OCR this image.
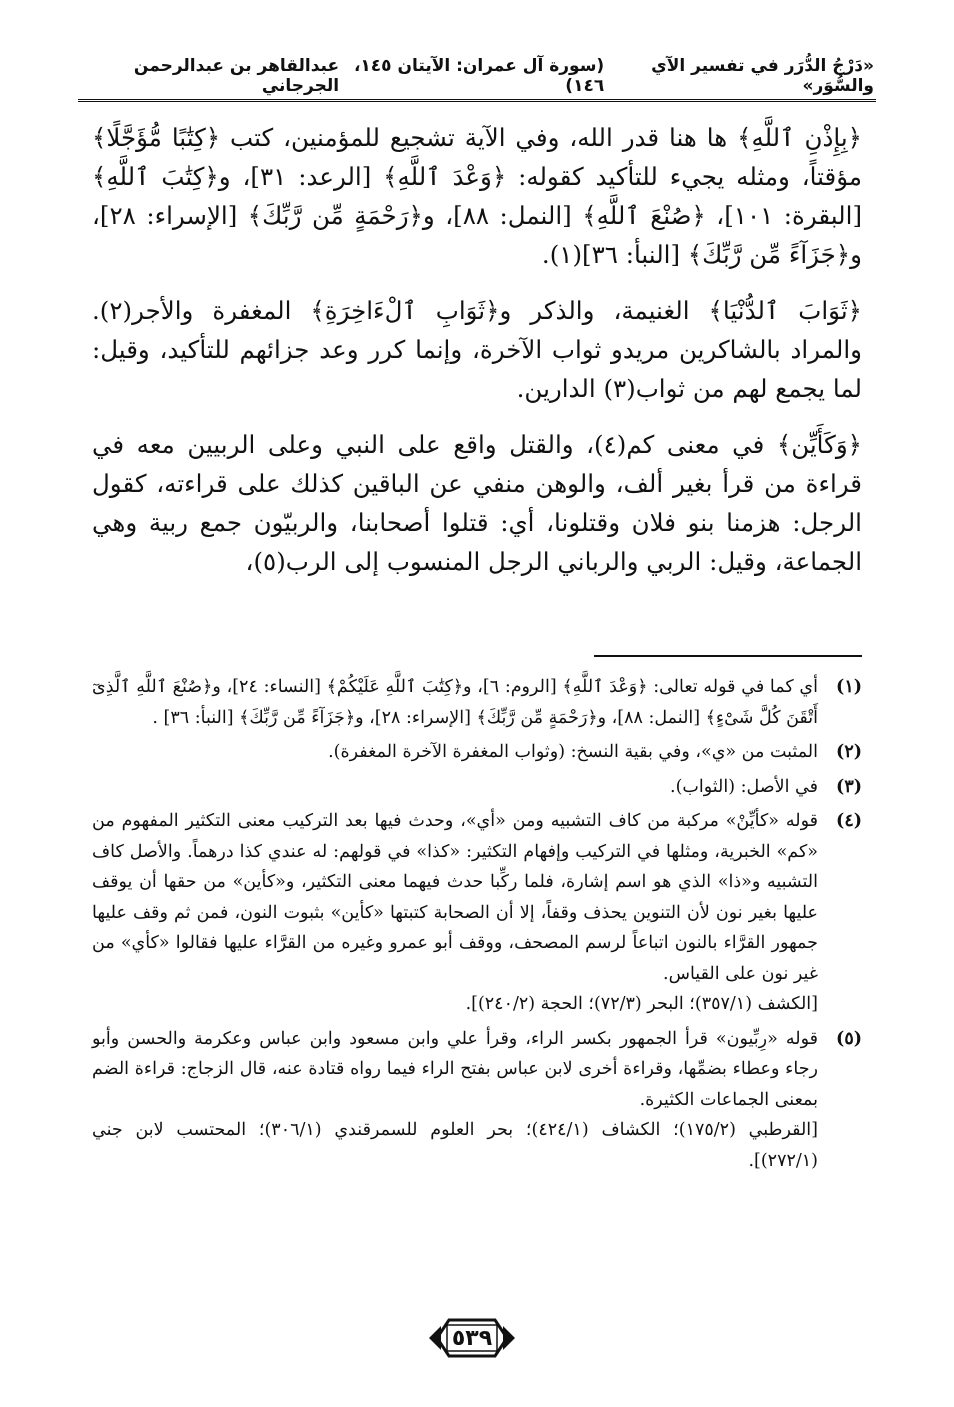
«دَرْجُ الدُّرَر في تفسير الآي والسُّوَر»
(سورة آل عمران: الآيتان ١٤٥، ١٤٦)
عبدالقاهر بن عبدالرحمن الجرجاني

﴿بِإِذْنِ ٱللَّهِ﴾ ها هنا قدر الله، وفي الآية تشجيع للمؤمنين، كتب ﴿كِتَٰبًا مُّؤَجَّلًا﴾ مؤقتاً، ومثله يجيء للتأكيد كقوله: ﴿وَعْدَ ٱللَّهِ﴾ [الرعد: ٣١]، و﴿كِتَٰبَ ٱللَّهِ﴾ [البقرة: ١٠١]، ﴿صُنْعَ ٱللَّهِ﴾ [النمل: ٨٨]، و﴿رَحْمَةٍ مِّن رَّبِّكَ﴾ [الإسراء: ٢٨]، و﴿جَزَآءً مِّن رَّبِّكَ﴾ [النبأ: ٣٦](١).

﴿ثَوَابَ ٱلدُّنْيَا﴾ الغنيمة، والذكر و﴿ثَوَابِ ٱلْءَاخِرَةِ﴾ المغفرة والأجر(٢). والمراد بالشاكرين مريدو ثواب الآخرة، وإنما كرر وعد جزائهم للتأكيد، وقيل: لما يجمع لهم من ثواب(٣) الدارين.

﴿وَكَأَيِّن﴾ في معنى كم(٤)، والقتل واقع على النبي وعلى الربيين معه في قراءة من قرأ بغير ألف، والوهن منفي عن الباقين كذلك على قراءته، كقول الرجل: هزمنا بنو فلان وقتلونا، أي: قتلوا أصحابنا، والربيّون جمع ربية وهي الجماعة، وقيل: الربي والرباني الرجل المنسوب إلى الرب(٥)،

(١)
أي كما في قوله تعالى: ﴿وَعْدَ ٱللَّهِ﴾ [الروم: ٦]، و﴿كِتَٰبَ ٱللَّهِ عَلَيْكُمْ﴾ [النساء: ٢٤]، و﴿صُنْعَ ٱللَّهِ ٱلَّذِىٓ أَتْقَنَ كُلَّ شَىْءٍ﴾ [النمل: ٨٨]، و﴿رَحْمَةٍ مِّن رَّبِّكَ﴾ [الإسراء: ٢٨]، و﴿جَزَآءً مِّن رَّبِّكَ﴾ [النبأ: ٣٦] .
(٢)
المثبت من «ي»، وفي بقية النسخ: (وثواب المغفرة الآخرة المغفرة).
(٣)
في الأصل: (الثواب).
(٤)
قوله «كأيِّنْ» مركبة من كاف التشبيه ومن «أي»، وحدث فيها بعد التركيب معنى التكثير المفهوم من «كم» الخبرية، ومثلها في التركيب وإفهام التكثير: «كذا» في قولهم: له عندي كذا درهماً. والأصل كاف التشبيه و«ذا» الذي هو اسم إشارة، فلما ركِّبا حدث فيهما معنى التكثير، و«كأين» من حقها أن يوقف عليها بغير نون لأن التنوين يحذف وقفاً، إلا أن الصحابة كتبتها «كأين» بثبوت النون، فمن ثم وقف عليها جمهور القرَّاء بالنون اتباعاً لرسم المصحف، ووقف أبو عمرو وغيره من القرَّاء عليها فقالوا «كأي» من غير نون على القياس.
[الكشف (٣٥٧/١)؛ البحر (٧٢/٣)؛ الحجة (٢٤٠/٢)].
(٥)
قوله «رِبِّيون» قرأ الجمهور بكسر الراء، وقرأ علي وابن مسعود وابن عباس وعكرمة والحسن وأبو رجاء وعطاء بضمِّها، وقراءة أخرى لابن عباس بفتح الراء فيما رواه قتادة عنه، قال الزجاج: قراءة الضم بمعنى الجماعات الكثيرة.
[القرطبي (١٧٥/٢)؛ الكشاف (٤٢٤/١)؛ بحر العلوم للسمرقندي (٣٠٦/١)؛ المحتسب لابن جني (٢٧٢/١)].
٥٣٩
